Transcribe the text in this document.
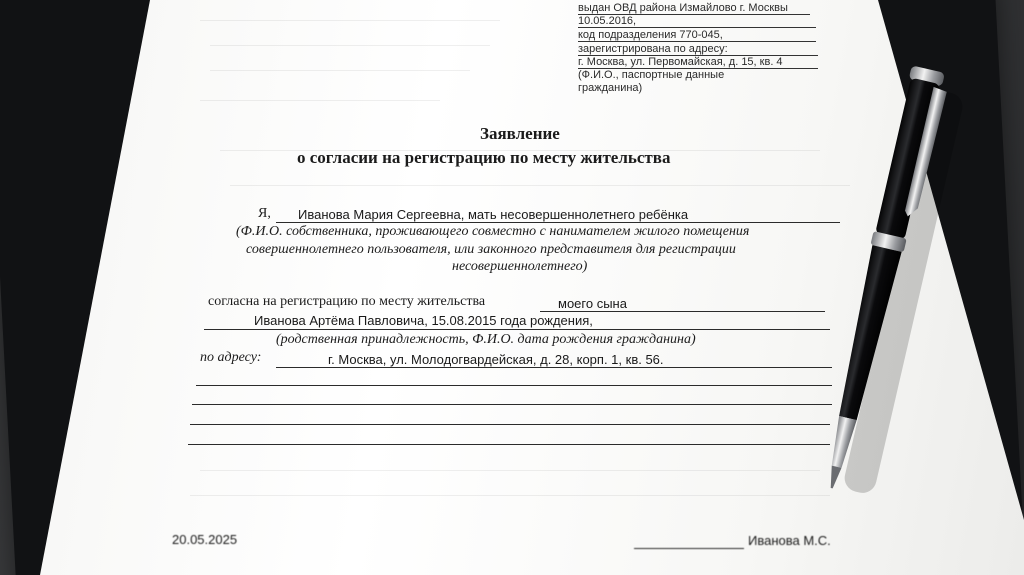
выдан ОВД района Измайлово г. Москвы
10.05.2016,
код подразделения 770-045,
зарегистрирована по адресу:
г. Москва, ул. Первомайская, д. 15, кв. 4
(Ф.И.О., паспортные данные
гражданина)
Заявление
о согласии на регистрацию по месту жительства
Я, Иванова Мария Сергеевна, мать несовершеннолетнего ребёнка
(Ф.И.О. собственника, проживающего совместно с нанимателем жилого помещения
совершеннолетнего пользователя, или законного представителя для регистрации
несовершеннолетнего)
согласна на регистрацию по месту жительства	моего сына
Иванова Артёма Павловича, 15.08.2015 года рождения,
(родственная принадлежность, Ф.И.О. дата рождения гражданина)
по адресу:	г. Москва, ул. Молодогвардейская, д. 28, корп. 1, кв. 56.
20.05.2025	Иванова М.С.
